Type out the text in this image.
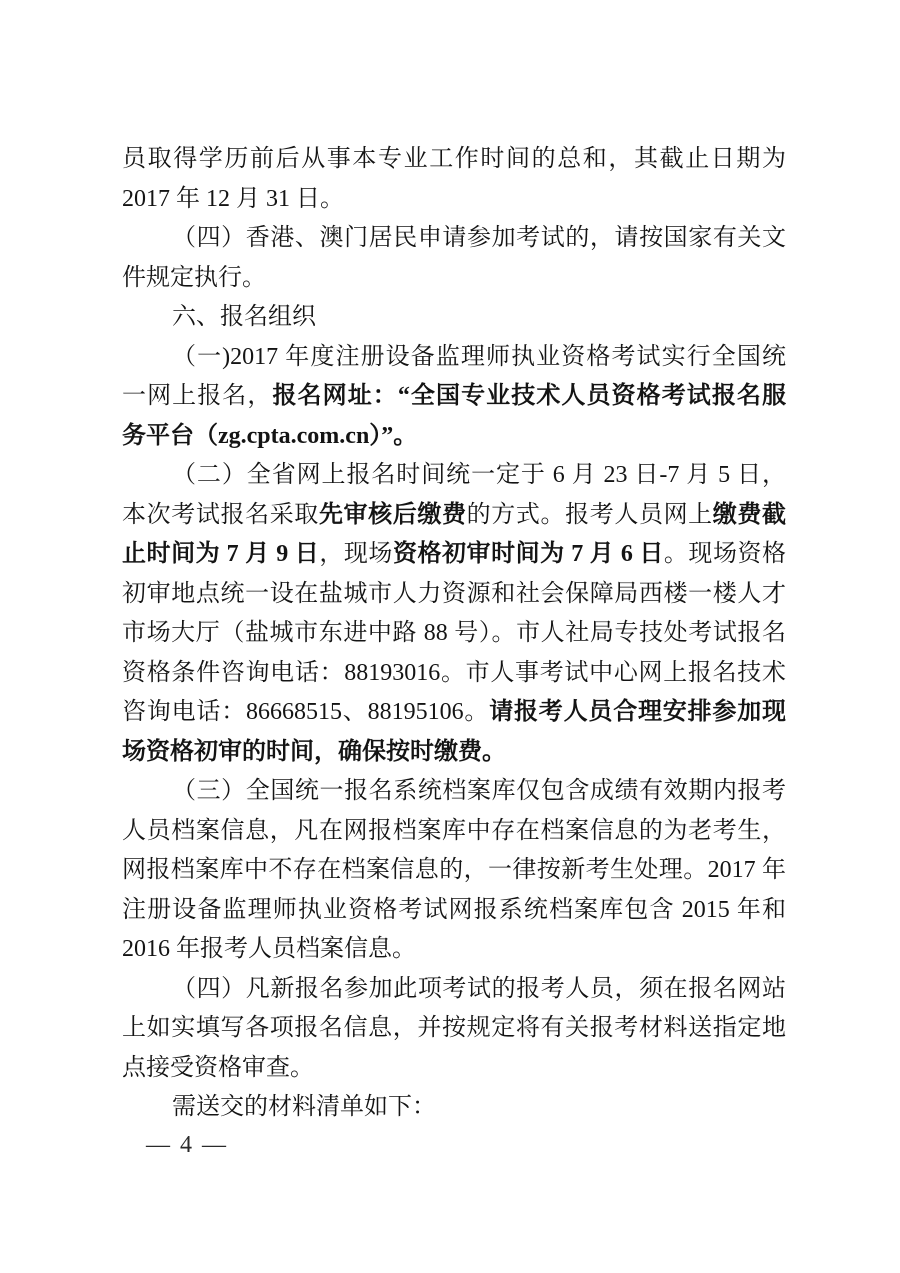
员取得学历前后从事本专业工作时间的总和，其截止日期为
2017 年 12 月 31 日。
（四）香港、澳门居民申请参加考试的，请按国家有关文
件规定执行。
六、报名组织
（一)2017 年度注册设备监理师执业资格考试实行全国统
一网上报名，报名网址：“全国专业技术人员资格考试报名服
务平台（zg.cpta.com.cn）”。
（二）全省网上报名时间统一定于 6 月 23 日-7 月 5 日，
本次考试报名采取先审核后缴费的方式。报考人员网上缴费截
止时间为 7 月 9 日，现场资格初审时间为 7 月 6 日。现场资格
初审地点统一设在盐城市人力资源和社会保障局西楼一楼人才
市场大厅（盐城市东进中路 88 号）。市人社局专技处考试报名
资格条件咨询电话：88193016。市人事考试中心网上报名技术
咨询电话：86668515、88195106。请报考人员合理安排参加现
场资格初审的时间，确保按时缴费。
（三）全国统一报名系统档案库仅包含成绩有效期内报考
人员档案信息，凡在网报档案库中存在档案信息的为老考生，
网报档案库中不存在档案信息的，一律按新考生处理。2017 年
注册设备监理师执业资格考试网报系统档案库包含 2015 年和
2016 年报考人员档案信息。
（四）凡新报名参加此项考试的报考人员，须在报名网站
上如实填写各项报名信息，并按规定将有关报考材料送指定地
点接受资格审查。
需送交的材料清单如下：
— 4 —
